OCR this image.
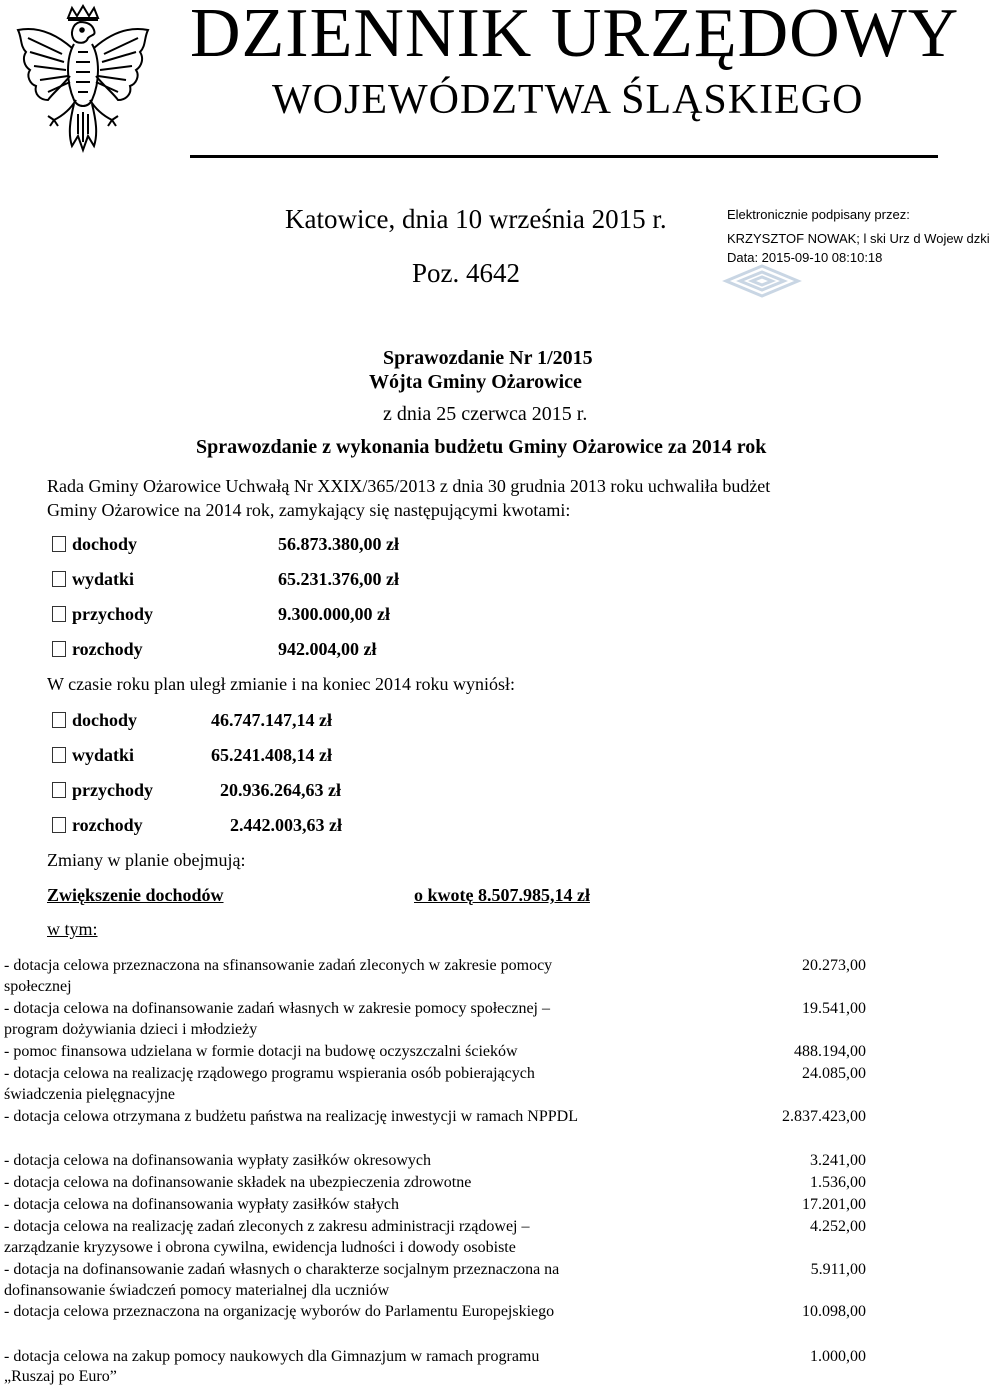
DZIENNIK URZĘDOWY
WOJEWÓDZTWA ŚLĄSKIEGO
Katowice, dnia 10 września 2015 r.
Poz. 4642
Elektronicznie podpisany przez:
KRZYSZTOF NOWAK; l ski Urz d Wojew dzki
Data: 2015-09-10 08:10:18
Sprawozdanie Nr 1/2015
Wójta Gminy Ożarowice
z dnia 25 czerwca 2015 r.
Sprawozdanie z wykonania budżetu Gminy Ożarowice za 2014 rok
Rada Gminy Ożarowice Uchwałą Nr XXIX/365/2013 z dnia 30 grudnia 2013 roku uchwaliła budżet
Gminy Ożarowice na 2014 rok, zamykający się następującymi kwotami:
dochody	56.873.380,00 zł
wydatki	65.231.376,00 zł
przychody	9.300.000,00 zł
rozchody	942.004,00 zł
W czasie roku plan uległ zmianie i na koniec 2014 roku wyniósł:
dochody	46.747.147,14 zł
wydatki	65.241.408,14 zł
przychody	20.936.264,63 zł
rozchody	2.442.003,63 zł
Zmiany w planie obejmują:
Zwiększenie dochodów	o kwotę 8.507.985,14 zł
w tym:
- dotacja celowa przeznaczona na sfinansowanie zadań zleconych w zakresie pomocy
społecznej
20.273,00
- dotacja celowa na dofinansowanie zadań własnych w zakresie pomocy społecznej –
program dożywiania dzieci i młodzieży
19.541,00
- pomoc finansowa udzielana w formie dotacji na budowę oczyszczalni ścieków	488.194,00
- dotacja celowa na realizację rządowego programu wspierania osób pobierających
świadczenia pielęgnacyjne
24.085,00
- dotacja celowa otrzymana z budżetu państwa na realizację inwestycji w ramach NPPDL	2.837.423,00
- dotacja celowa na dofinansowania wypłaty zasiłków okresowych	3.241,00
- dotacja celowa na dofinansowanie składek na ubezpieczenia zdrowotne	1.536,00
- dotacja celowa na dofinansowania wypłaty zasiłków stałych	17.201,00
- dotacja celowa na realizację zadań zleconych z zakresu administracji rządowej –
zarządzanie kryzysowe i obrona cywilna, ewidencja ludności i dowody osobiste
4.252,00
- dotacja na dofinansowanie zadań własnych o charakterze socjalnym przeznaczona na
dofinansowanie świadczeń pomocy materialnej dla uczniów
5.911,00
- dotacja celowa przeznaczona na organizację wyborów do Parlamentu Europejskiego	10.098,00
- dotacja celowa na zakup pomocy naukowych dla Gimnazjum w ramach programu
„Ruszaj po Euro”
1.000,00
